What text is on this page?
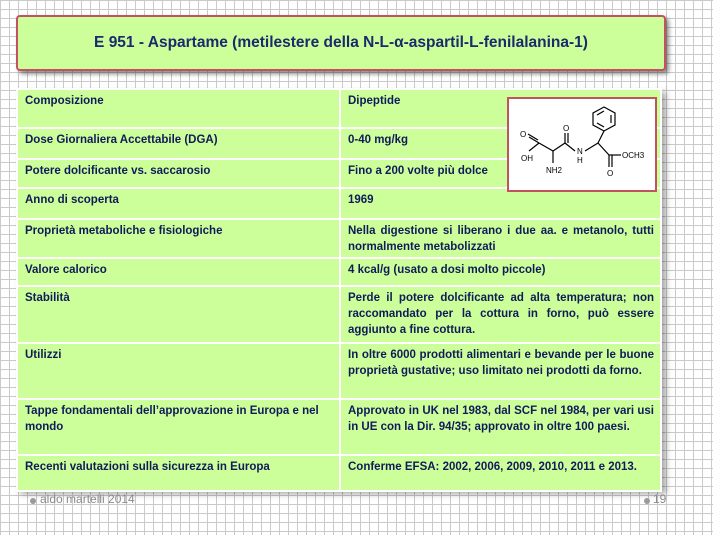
E 951 - Aspartame (metilestere della N-L-α-aspartil-L-fenilalanina-1)
Composizione	Dipeptide
Dose Giornaliera Accettabile (DGA)	0-40 mg/kg
Potere dolcificante vs. saccarosio	Fino a 200 volte più dolce
Anno di scoperta	1969
Proprietà metaboliche e fisiologiche	Nella digestione si liberano i due aa. e metanolo, tutti normalmente metabolizzati
Valore calorico	4 kcal/g (usato a dosi molto piccole)
Stabilità	Perde il potere dolcificante ad alta temperatura; non raccomandato per la cottura in forno, può essere aggiunto a fine cottura.
Utilizzi	In oltre 6000 prodotti alimentari e bevande per le buone proprietà gustative; uso limitato nei prodotti da forno.
Tappe fondamentali dell’approvazione in Europa e nel mondo	Approvato in UK nel 1983, dal SCF nel 1984, per vari usi in UE con la Dir. 94/35; approvato in oltre 100 paesi.
Recenti valutazioni sulla sicurezza in Europa	Conferme EFSA: 2002, 2006, 2009, 2010, 2011 e 2013.
O
O
OH
NH2
N
H
OCH3
O
aldo martelli 2014	19
